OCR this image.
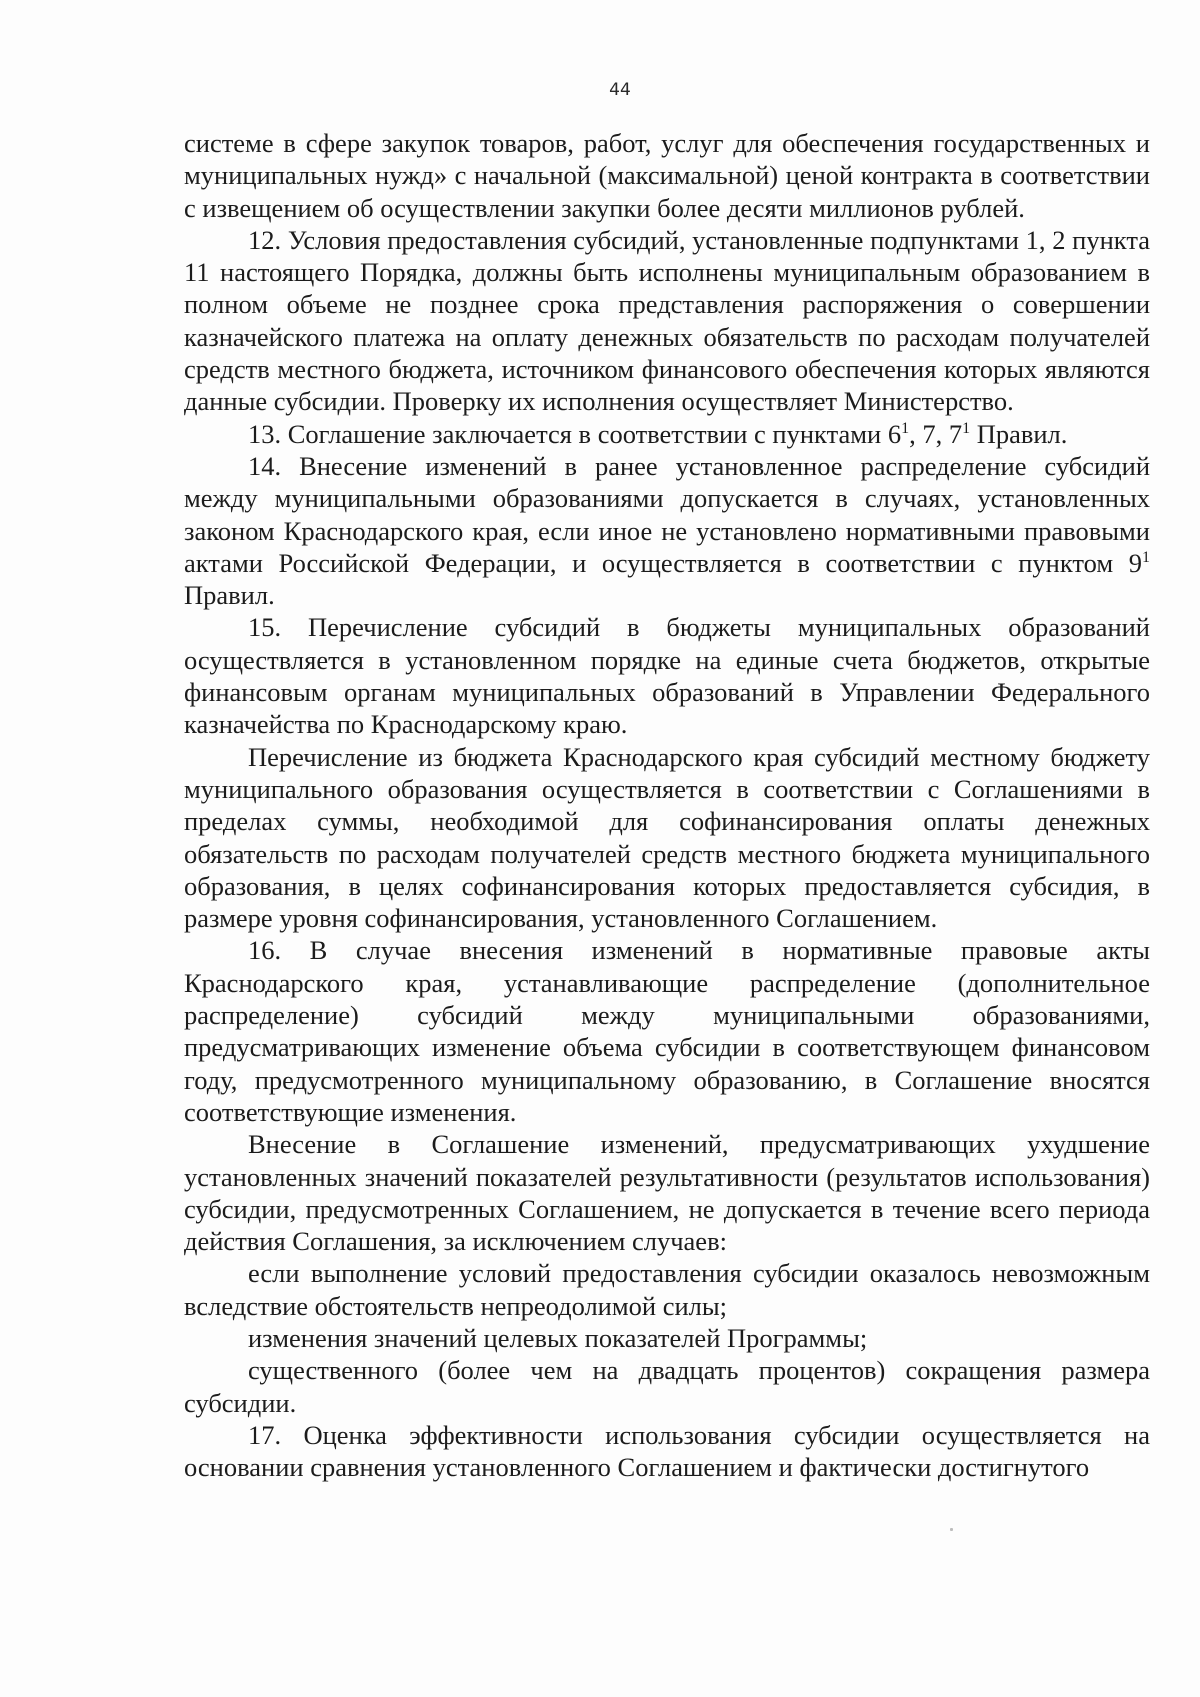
44

системе в сфере закупок товаров, работ, услуг для обеспечения государственных и муниципальных нужд» с начальной (максимальной) ценой контракта в соответствии с извещением об осуществлении закупки более десяти миллионов рублей.

12. Условия предоставления субсидий, установленные подпунктами 1, 2 пункта 11 настоящего Порядка, должны быть исполнены муниципальным образованием в полном объеме не позднее срока представления распоряжения о совершении казначейского платежа на оплату денежных обязательств по расходам получателей средств местного бюджета, источником финансового обеспечения которых являются данные субсидии. Проверку их исполнения осуществляет Министерство.

13. Соглашение заключается в соответствии с пунктами $6^1$, 7, $7^1$ Правил.

14. Внесение изменений в ранее установленное распределение субсидий между муниципальными образованиями допускается в случаях, установленных законом Краснодарского края, если иное не установлено нормативными правовыми актами Российской Федерации, и осуществляется в соответствии с пунктом $9^1$ Правил.

15. Перечисление субсидий в бюджеты муниципальных образований осуществляется в установленном порядке на единые счета бюджетов, открытые финансовым органам муниципальных образований в Управлении Федерального казначейства по Краснодарскому краю.

Перечисление из бюджета Краснодарского края субсидий местному бюджету муниципального образования осуществляется в соответствии с Соглашениями в пределах суммы, необходимой для софинансирования оплаты денежных обязательств по расходам получателей средств местного бюджета муниципального образования, в целях софинансирования которых предоставляется субсидия, в размере уровня софинансирования, установленного Соглашением.

16. В случае внесения изменений в нормативные правовые акты Краснодарского края, устанавливающие распределение (дополнительное распределение) субсидий между муниципальными образованиями, предусматривающих изменение объема субсидии в соответствующем финансовом году, предусмотренного муниципальному образованию, в Соглашение вносятся соответствующие изменения.

Внесение в Соглашение изменений, предусматривающих ухудшение установленных значений показателей результативности (результатов использования) субсидии, предусмотренных Соглашением, не допускается в течение всего периода действия Соглашения, за исключением случаев:

если выполнение условий предоставления субсидии оказалось невозможным вследствие обстоятельств непреодолимой силы;

изменения значений целевых показателей Программы;

существенного (более чем на двадцать процентов) сокращения размера субсидии.

17. Оценка эффективности использования субсидии осуществляется на основании сравнения установленного Соглашением и фактически достигнутого
